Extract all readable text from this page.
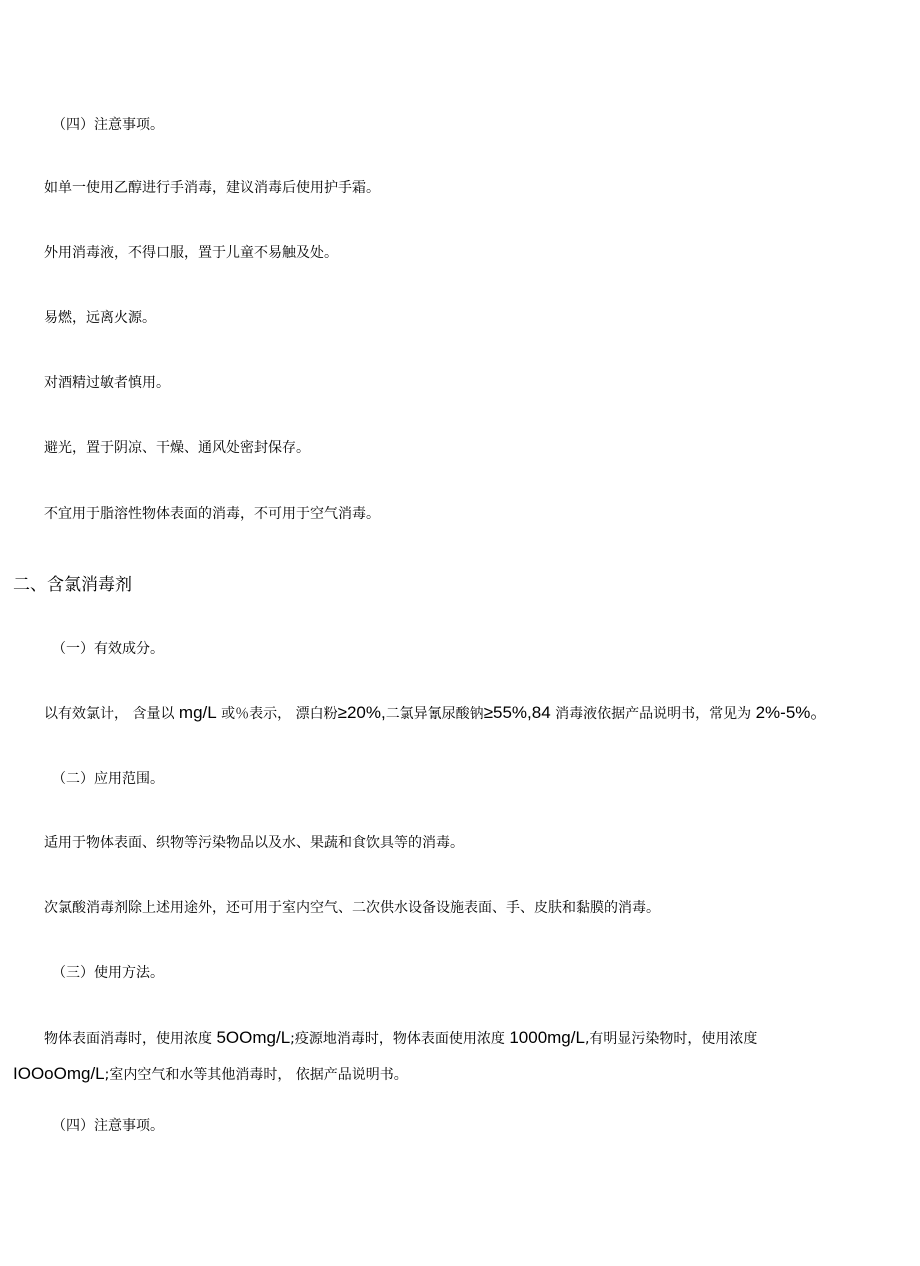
（四）注意事项。
如单一使用乙醇进行手消毒，建议消毒后使用护手霜。
外用消毒液，不得口服，置于儿童不易触及处。
易燃，远离火源。
对酒精过敏者慎用。
避光，置于阴凉、干燥、通风处密封保存。
不宜用于脂溶性物体表面的消毒，不可用于空气消毒。
二、含氯消毒剂
（一）有效成分。
以有效氯计， 含量以 mg/L 或％表示， 漂白粉≥20%,二氯异氰尿酸钠≥55%,84 消毒液依据产品说明书，常见为 2%-5%。
（二）应用范围。
适用于物体表面、织物等污染物品以及水、果蔬和食饮具等的消毒。
次氯酸消毒剂除上述用途外，还可用于室内空气、二次供水设备设施表面、手、皮肤和黏膜的消毒。
（三）使用方法。
物体表面消毒时，使用浓度 5OOmg/L;疫源地消毒时，物体表面使用浓度 1000mg/L,有明显污染物时，使用浓度
IOOoOmg/L;室内空气和水等其他消毒时， 依据产品说明书。
（四）注意事项。
